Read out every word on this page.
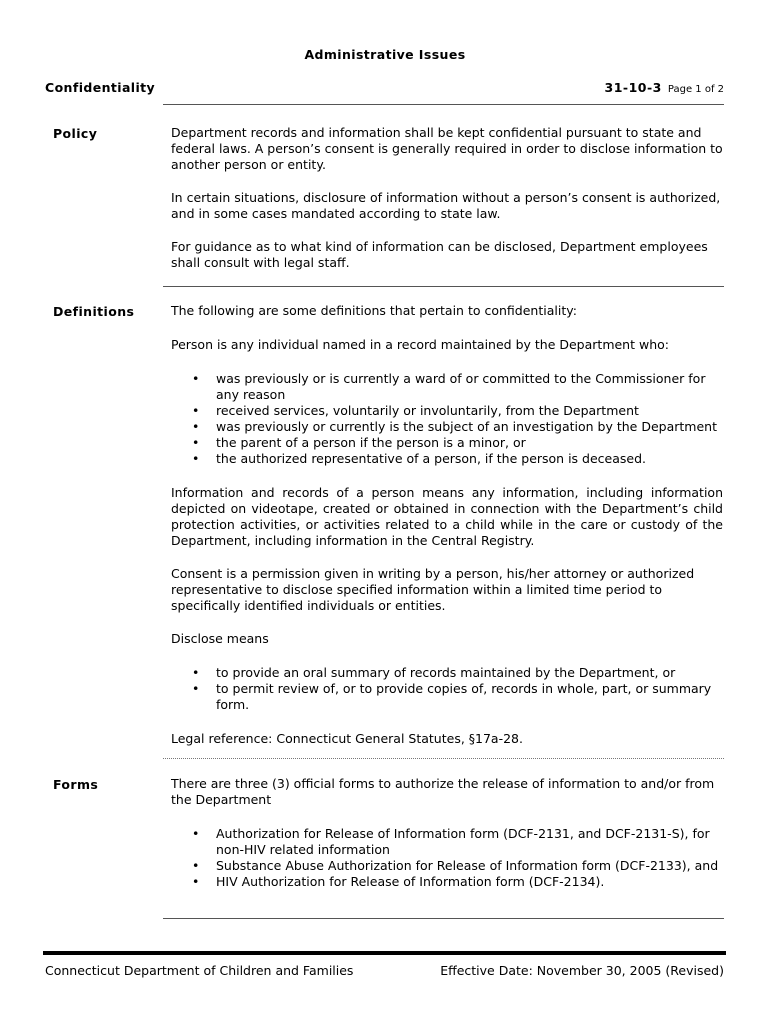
Administrative Issues
Confidentiality	31-10-3 Page 1 of 2
Policy	Department records and information shall be kept confidential pursuant to state and federal laws. A person’s consent is generally required in order to disclose information to another person or entity.

In certain situations, disclosure of information without a person’s consent is authorized, and in some cases mandated according to state law.

For guidance as to what kind of information can be disclosed, Department employees shall consult with legal staff.

Definitions	The following are some definitions that pertain to confidentiality:

Person is any individual named in a record maintained by the Department who:

• was previously or is currently a ward of or committed to the Commissioner for any reason
• received services, voluntarily or involuntarily, from the Department
• was previously or currently is the subject of an investigation by the Department
• the parent of a person if the person is a minor, or
• the authorized representative of a person, if the person is deceased.

Information and records of a person means any information, including information depicted on videotape, created or obtained in connection with the Department’s child protection activities, or activities related to a child while in the care or custody of the Department, including information in the Central Registry.

Consent is a permission given in writing by a person, his/her attorney or authorized representative to disclose specified information within a limited time period to specifically identified individuals or entities.

Disclose means

• to provide an oral summary of records maintained by the Department, or
• to permit review of, or to provide copies of, records in whole, part, or summary form.

Legal reference: Connecticut General Statutes, §17a-28.

Forms	There are three (3) official forms to authorize the release of information to and/or from the Department

• Authorization for Release of Information form (DCF-2131, and DCF-2131-S), for non-HIV related information
• Substance Abuse Authorization for Release of Information form (DCF-2133), and
• HIV Authorization for Release of Information form (DCF-2134).
Connecticut Department of Children and Families	Effective Date: November 30, 2005 (Revised)
